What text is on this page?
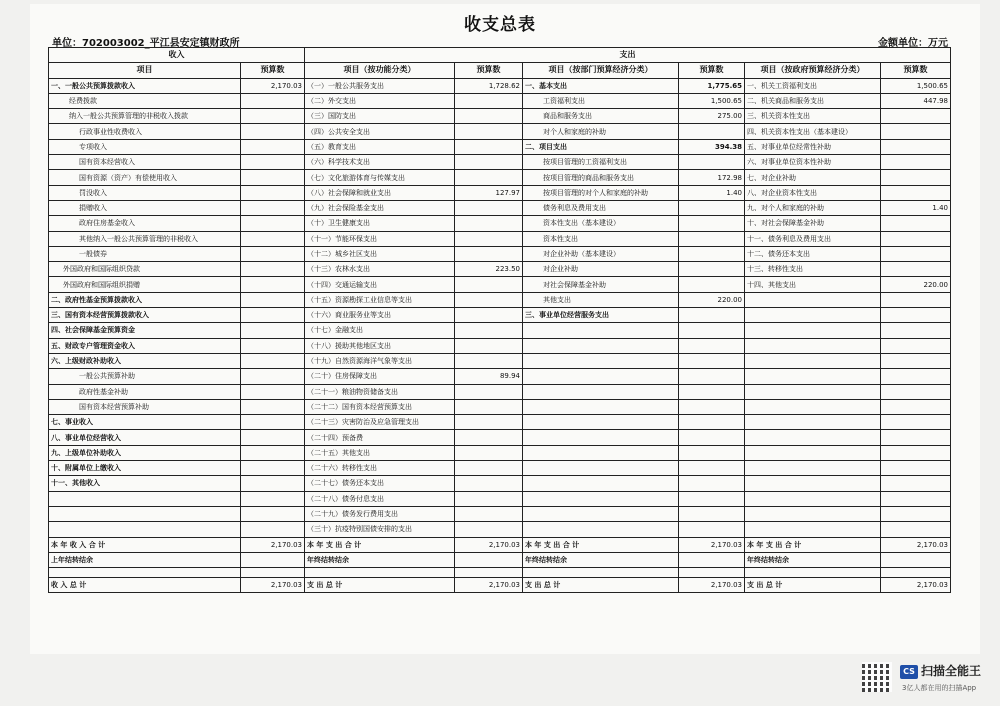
收支总表
单位：702003002_平江县安定镇财政所	金额单位：万元
收入		支出					
项目	预算数	项目（按功能分类）	预算数	项目（按部门预算经济分类）	预算数	项目（按政府预算经济分类）	预算数
一、一般公共预算拨款收入	2,170.03	（一）一般公共服务支出	1,728.62	一、基本支出	1,775.65	一、机关工资福利支出	1,500.65
经费拨款		（二）外交支出		工资福利支出	1,500.65	二、机关商品和服务支出	447.98
纳入一般公共预算管理的非税收入拨款		（三）国防支出		商品和服务支出	275.00	三、机关资本性支出	
行政事业性收费收入		（四）公共安全支出		对个人和家庭的补助		四、机关资本性支出（基本建设）	
专项收入		（五）教育支出		二、项目支出	394.38	五、对事业单位经常性补助	
国有资本经营收入		（六）科学技术支出		按项目管理的工资福利支出		六、对事业单位资本性补助	
国有资源（资产）有偿使用收入		（七）文化旅游体育与传媒支出		按项目管理的商品和服务支出	172.98	七、对企业补助	
罚没收入		（八）社会保障和就业支出	127.97	按项目管理的对个人和家庭的补助	1.40	八、对企业资本性支出	
捐赠收入		（九）社会保险基金支出		债务利息及费用支出		九、对个人和家庭的补助	1.40
政府住房基金收入		（十）卫生健康支出		资本性支出（基本建设）		十、对社会保障基金补助	
其他纳入一般公共预算管理的非税收入		（十一）节能环保支出		资本性支出		十一、债务利息及费用支出	
一般债券		（十二）城乡社区支出		对企业补助（基本建设）		十二、债务还本支出	
外国政府和国际组织贷款		（十三）农林水支出	223.50	对企业补助		十三、转移性支出	
外国政府和国际组织捐赠		（十四）交通运输支出		对社会保障基金补助		十四、其他支出	220.00
二、政府性基金预算拨款收入		（十五）资源勘探工业信息等支出		其他支出	220.00		
三、国有资本经营预算拨款收入		（十六）商业服务业等支出		三、事业单位经营服务支出			
四、社会保障基金预算资金		（十七）金融支出					
五、财政专户管理资金收入		（十八）援助其他地区支出					
六、上级财政补助收入		（十九）自然资源海洋气象等支出					
一般公共预算补助		（二十）住房保障支出	89.94				
政府性基金补助		（二十一）粮油物资储备支出					
国有资本经营预算补助		（二十二）国有资本经营预算支出					
七、事业收入		（二十三）灾害防治及应急管理支出					
八、事业单位经营收入		（二十四）预备费					
九、上级单位补助收入		（二十五）其他支出					
十、附属单位上缴收入		（二十六）转移性支出					
十一、其他收入		（二十七）债务还本支出					
		（二十八）债务付息支出					
		（二十九）债务发行费用支出					
		（三十）抗疫特别国债安排的支出					
本 年 收 入 合 计	2,170.03	本 年 支 出 合 计	2,170.03	本 年 支 出 合 计	2,170.03	本 年 支 出 合 计	2,170.03
上年结转结余		年终结转结余		年终结转结余		年终结转结余	

收 入 总 计	2,170.03	支 出 总 计	2,170.03	支 出 总 计	2,170.03	支 出 总 计	2,170.03
CS 扫描全能王
3亿人都在用的扫描App
